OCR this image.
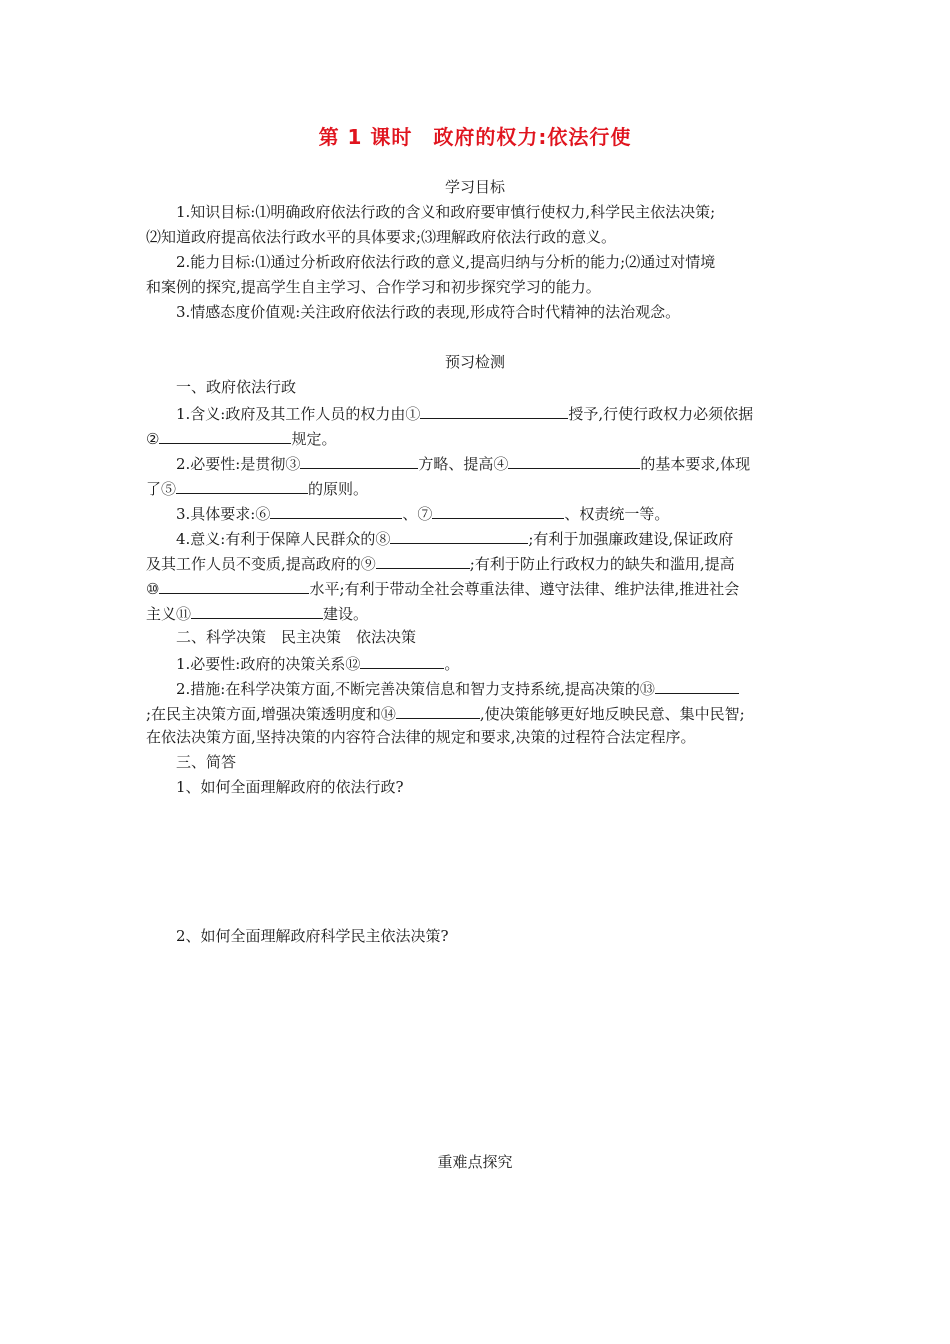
第 1 课时　政府的权力:依法行使
学习目标
1.知识目标:⑴明确政府依法行政的含义和政府要审慎行使权力,科学民主依法决策;
⑵知道政府提高依法行政水平的具体要求;⑶理解政府依法行政的意义。
2.能力目标:⑴通过分析政府依法行政的意义,提高归纳与分析的能力;⑵通过对情境
和案例的探究,提高学生自主学习、合作学习和初步探究学习的能力。
3.情感态度价值观:关注政府依法行政的表现,形成符合时代精神的法治观念。
预习检测
一、政府依法行政
1.含义:政府及其工作人员的权力由①	授予,行使行政权力必须依据
②	规定。
2.必要性:是贯彻③	方略、提高④	的基本要求,体现
了⑤	的原则。
3.具体要求:⑥	、⑦	、权责统一等。
4.意义:有利于保障人民群众的⑧	;有利于加强廉政建设,保证政府
及其工作人员不变质,提高政府的⑨	;有利于防止行政权力的缺失和滥用,提高
⑩	水平;有利于带动全社会尊重法律、遵守法律、维护法律,推进社会
主义⑪	建设。
二、科学决策　民主决策　依法决策
1.必要性:政府的决策关系⑫	。
2.措施:在科学决策方面,不断完善决策信息和智力支持系统,提高决策的⑬
;在民主决策方面,增强决策透明度和⑭	,使决策能够更好地反映民意、集中民智;
在依法决策方面,坚持决策的内容符合法律的规定和要求,决策的过程符合法定程序。
三、简答
1、如何全面理解政府的依法行政?
2、如何全面理解政府科学民主依法决策?
重难点探究
